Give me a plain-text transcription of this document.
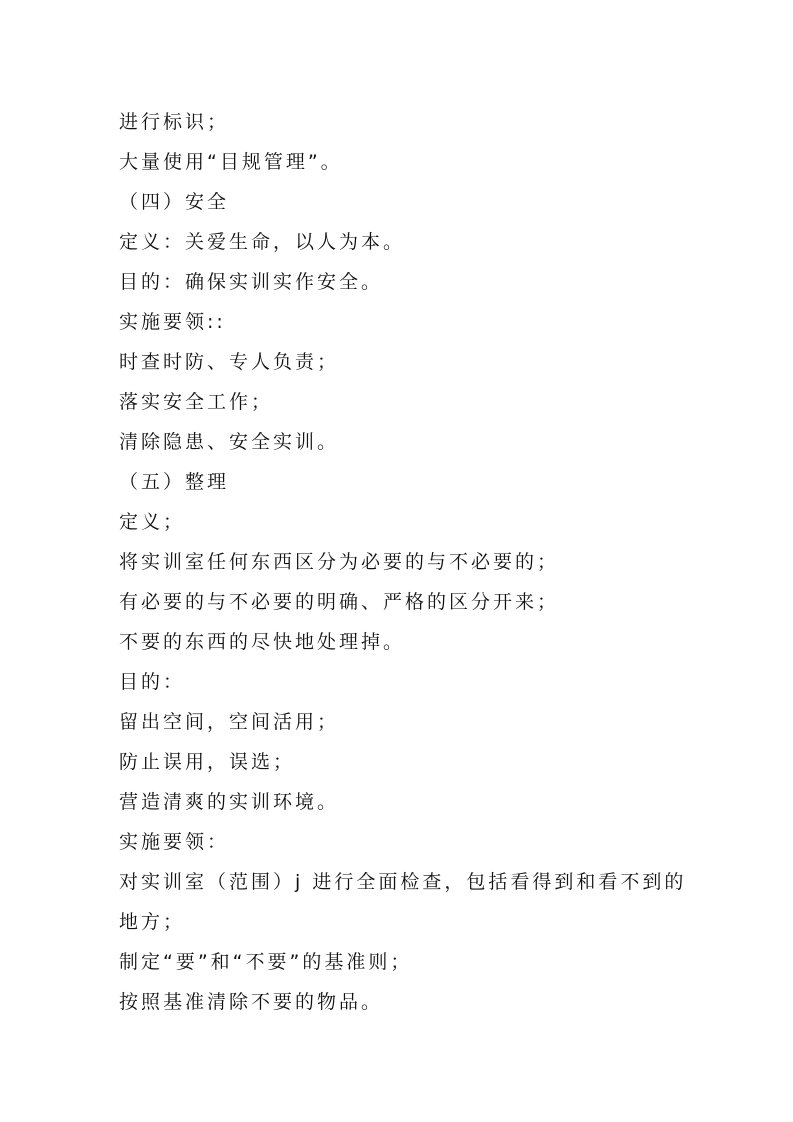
进行标识；
大量使用“目规管理”。
（四）安全
定义：关爱生命，以人为本。
目的：确保实训实作安全。
实施要领::
时查时防、专人负责；
落实安全工作；
清除隐患、安全实训。
（五）整理
定义；
将实训室任何东西区分为必要的与不必要的；
有必要的与不必要的明确、严格的区分开来；
不要的东西的尽快地处理掉。
目的：
留出空间，空间活用；
防止误用，误选；
营造清爽的实训环境。
实施要领：
对实训室（范围）j 进行全面检查，包括看得到和看不到的
地方；
制定“要”和“不要”的基准则；
按照基准清除不要的物品。
